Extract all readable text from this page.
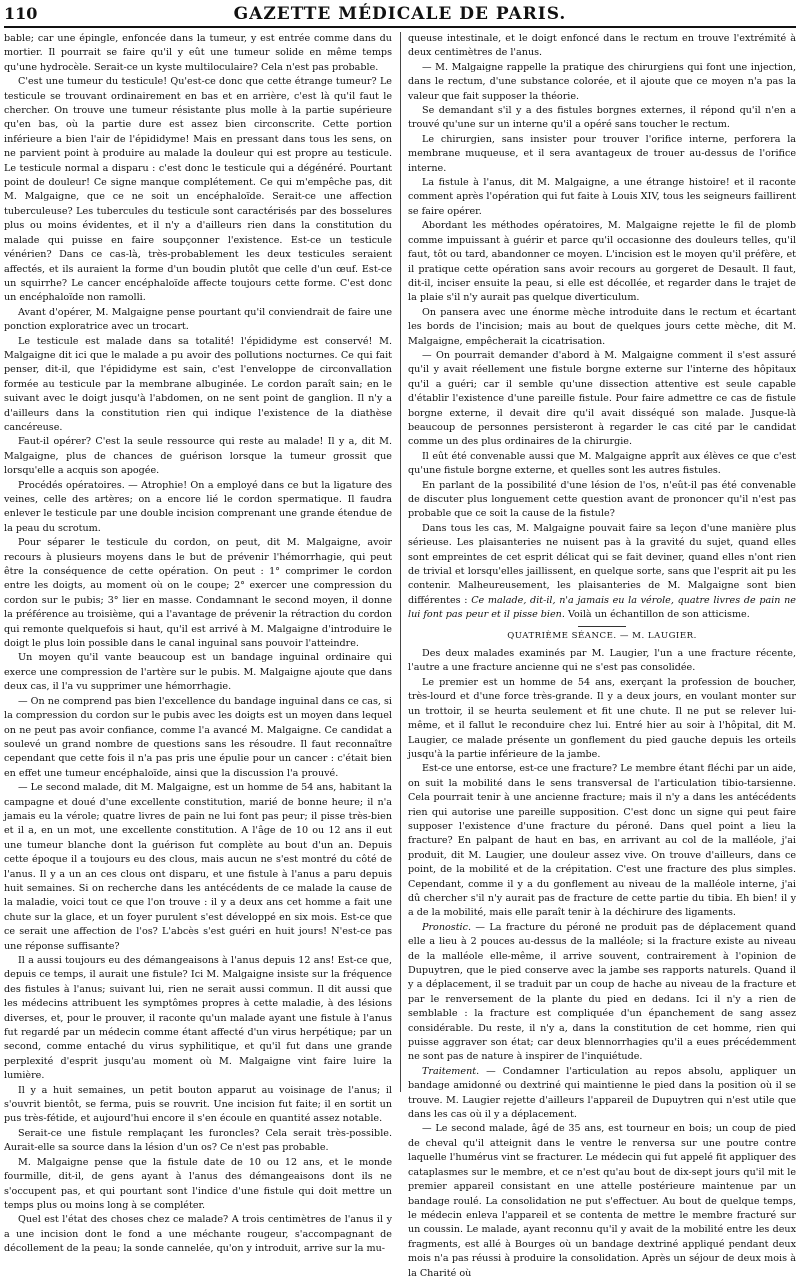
110	GAZETTE MÉDICALE DE PARIS.

bable; car une épingle, enfoncée dans la tumeur, y est entrée comme dans du mortier. Il pourrait se faire qu'il y eût une tumeur solide en même temps qu'une hydrocèle. Serait-ce un kyste multiloculaire? Cela n'est pas probable.

C'est une tumeur du testicule! Qu'est-ce donc que cette étrange tumeur? Le testicule se trouvant ordinairement en bas et en arrière, c'est là qu'il faut le chercher. On trouve une tumeur résistante plus molle à la partie supérieure qu'en bas, où la partie dure est assez bien circonscrite. Cette portion inférieure a bien l'air de l'épididyme! Mais en pressant dans tous les sens, on ne parvient point à produire au malade la douleur qui est propre au testicule. Le testicule normal a disparu : c'est donc le testicule qui a dégénéré. Pourtant point de douleur! Ce signe manque complétement. Ce qui m'empêche pas, dit M. Malgaigne, que ce ne soit un encéphaloïde. Serait-ce une affection tuberculeuse? Les tubercules du testicule sont caractérisés par des bosselures plus ou moins évidentes, et il n'y a d'ailleurs rien dans la constitution du malade qui puisse en faire soupçonner l'existence. Est-ce un testicule vénérien? Dans ce cas-là, très-probablement les deux testicules seraient affectés, et ils auraient la forme d'un boudin plutôt que celle d'un œuf. Est-ce un squirrhe? Le cancer encéphaloïde affecte toujours cette forme. C'est donc un encéphaloïde non ramolli.

Avant d'opérer, M. Malgaigne pense pourtant qu'il conviendrait de faire une ponction exploratrice avec un trocart.

Le testicule est malade dans sa totalité! l'épididyme est conservé! M. Malgaigne dit ici que le malade a pu avoir des pollutions nocturnes. Ce qui fait penser, dit-il, que l'épididyme est sain, c'est l'enveloppe de circonvallation formée au testicule par la membrane albuginée. Le cordon paraît sain; en le suivant avec le doigt jusqu'à l'abdomen, on ne sent point de ganglion. Il n'y a d'ailleurs dans la constitution rien qui indique l'existence de la diathèse cancéreuse.

Faut-il opérer? C'est la seule ressource qui reste au malade! Il y a, dit M. Malgaigne, plus de chances de guérison lorsque la tumeur grossit que lorsqu'elle a acquis son apogée.

Procédés opératoires. — Atrophie! On a employé dans ce but la ligature des veines, celle des artères; on a encore lié le cordon spermatique. Il faudra enlever le testicule par une double incision comprenant une grande étendue de la peau du scrotum.

Pour séparer le testicule du cordon, on peut, dit M. Malgaigne, avoir recours à plusieurs moyens dans le but de prévenir l'hémorrhagie, qui peut être la conséquence de cette opération. On peut : 1° comprimer le cordon entre les doigts, au moment où on le coupe; 2° exercer une compression du cordon sur le pubis; 3° lier en masse. Condamnant le second moyen, il donne la préférence au troisième, qui a l'avantage de prévenir la rétraction du cordon qui remonte quelquefois si haut, qu'il est arrivé à M. Malgaigne d'introduire le doigt le plus loin possible dans le canal inguinal sans pouvoir l'atteindre.

Un moyen qu'il vante beaucoup est un bandage inguinal ordinaire qui exerce une compression de l'artère sur le pubis. M. Malgaigne ajoute que dans deux cas, il l'a vu supprimer une hémorrhagie.

— On ne comprend pas bien l'excellence du bandage inguinal dans ce cas, si la compression du cordon sur le pubis avec les doigts est un moyen dans lequel on ne peut pas avoir confiance, comme l'a avancé M. Malgaigne. Ce candidat a soulevé un grand nombre de questions sans les résoudre. Il faut reconnaître cependant que cette fois il n'a pas pris une épulie pour un cancer : c'était bien en effet une tumeur encéphaloïde, ainsi que la discussion l'a prouvé.

— Le second malade, dit M. Malgaigne, est un homme de 54 ans, habitant la campagne et doué d'une excellente constitution, marié de bonne heure; il n'a jamais eu la vérole; quatre livres de pain ne lui font pas peur; il pisse très-bien et il a, en un mot, une excellente constitution. A l'âge de 10 ou 12 ans il eut une tumeur blanche dont la guérison fut complète au bout d'un an. Depuis cette époque il a toujours eu des clous, mais aucun ne s'est montré du côté de l'anus. Il y a un an ces clous ont disparu, et une fistule à l'anus a paru depuis huit semaines. Si on recherche dans les antécédents de ce malade la cause de la maladie, voici tout ce que l'on trouve : il y a deux ans cet homme a fait une chute sur la glace, et un foyer purulent s'est développé en six mois. Est-ce que ce serait une affection de l'os? L'abcès s'est guéri en huit jours! N'est-ce pas une réponse suffisante?

Il a aussi toujours eu des démangeaisons à l'anus depuis 12 ans! Est-ce que, depuis ce temps, il aurait une fistule? Ici M. Malgaigne insiste sur la fréquence des fistules à l'anus; suivant lui, rien ne serait aussi commun. Il dit aussi que les médecins attribuent les symptômes propres à cette maladie, à des lésions diverses, et, pour le prouver, il raconte qu'un malade ayant une fistule à l'anus fut regardé par un médecin comme étant affecté d'un virus herpétique; par un second, comme entaché du virus syphilitique, et qu'il fut dans une grande perplexité d'esprit jusqu'au moment où M. Malgaigne vint faire luire la lumière.

Il y a huit semaines, un petit bouton apparut au voisinage de l'anus; il s'ouvrit bientôt, se ferma, puis se rouvrit. Une incision fut faite; il en sortit un pus très-fétide, et aujourd'hui encore il s'en écoule en quantité assez notable.

Serait-ce une fistule remplaçant les furoncles? Cela serait très-possible. Aurait-elle sa source dans la lésion d'un os? Ce n'est pas probable.

M. Malgaigne pense que la fistule date de 10 ou 12 ans, et le monde fourmille, dit-il, de gens ayant à l'anus des démangeaisons dont ils ne s'occupent pas, et qui pourtant sont l'indice d'une fistule qui doit mettre un temps plus ou moins long à se compléter.

Quel est l'état des choses chez ce malade? A trois centimètres de l'anus il y a une incision dont le fond a une méchante rougeur, s'accompagnant de décollement de la peau; la sonde cannelée, qu'on y introduit, arrive sur la mu-

queuse intestinale, et le doigt enfoncé dans le rectum en trouve l'extrémité à deux centimètres de l'anus.

— M. Malgaigne rappelle la pratique des chirurgiens qui font une injection, dans le rectum, d'une substance colorée, et il ajoute que ce moyen n'a pas la valeur que fait supposer la théorie.

Se demandant s'il y a des fistules borgnes externes, il répond qu'il n'en a trouvé qu'une sur un interne qu'il a opéré sans toucher le rectum.

Le chirurgien, sans insister pour trouver l'orifice interne, perforera la membrane muqueuse, et il sera avantageux de trouer au-dessus de l'orifice interne.

La fistule à l'anus, dit M. Malgaigne, a une étrange histoire! et il raconte comment après l'opération qui fut faite à Louis XIV, tous les seigneurs faillirent se faire opérer.

Abordant les méthodes opératoires, M. Malgaigne rejette le fil de plomb comme impuissant à guérir et parce qu'il occasionne des douleurs telles, qu'il faut, tôt ou tard, abandonner ce moyen. L'incision est le moyen qu'il préfère, et il pratique cette opération sans avoir recours au gorgeret de Desault. Il faut, dit-il, inciser ensuite la peau, si elle est décollée, et regarder dans le trajet de la plaie s'il n'y aurait pas quelque diverticulum.

On pansera avec une énorme mèche introduite dans le rectum et écartant les bords de l'incision; mais au bout de quelques jours cette mèche, dit M. Malgaigne, empêcherait la cicatrisation.

— On pourrait demander d'abord à M. Malgaigne comment il s'est assuré qu'il y avait réellement une fistule borgne externe sur l'interne des hôpitaux qu'il a guéri; car il semble qu'une dissection attentive est seule capable d'établir l'existence d'une pareille fistule. Pour faire admettre ce cas de fistule borgne externe, il devait dire qu'il avait disséqué son malade. Jusque-là beaucoup de personnes persisteront à regarder le cas cité par le candidat comme un des plus ordinaires de la chirurgie.

Il eût été convenable aussi que M. Malgaigne apprît aux élèves ce que c'est qu'une fistule borgne externe, et quelles sont les autres fistules.

En parlant de la possibilité d'une lésion de l'os, n'eût-il pas été convenable de discuter plus longuement cette question avant de prononcer qu'il n'est pas probable que ce soit la cause de la fistule?

Dans tous les cas, M. Malgaigne pouvait faire sa leçon d'une manière plus sérieuse. Les plaisanteries ne nuisent pas à la gravité du sujet, quand elles sont empreintes de cet esprit délicat qui se fait deviner, quand elles n'ont rien de trivial et lorsqu'elles jaillissent, en quelque sorte, sans que l'esprit ait pu les contenir. Malheureusement, les plaisanteries de M. Malgaigne sont bien différentes : Ce malade, dit-il, n'a jamais eu la vérole, quatre livres de pain ne lui font pas peur et il pisse bien. Voilà un échantillon de son atticisme.

QUATRIÈME SÉANCE. — M. LAUGIER.

Des deux malades examinés par M. Laugier, l'un a une fracture récente, l'autre a une fracture ancienne qui ne s'est pas consolidée.

Le premier est un homme de 54 ans, exerçant la profession de boucher, très-lourd et d'une force très-grande. Il y a deux jours, en voulant monter sur un trottoir, il se heurta seulement et fit une chute. Il ne put se relever lui-même, et il fallut le reconduire chez lui. Entré hier au soir à l'hôpital, dit M. Laugier, ce malade présente un gonflement du pied gauche depuis les orteils jusqu'à la partie inférieure de la jambe.

Est-ce une entorse, est-ce une fracture? Le membre étant fléchi par un aide, on suit la mobilité dans le sens transversal de l'articulation tibio-tarsienne. Cela pourrait tenir à une ancienne fracture; mais il n'y a dans les antécédents rien qui autorise une pareille supposition. C'est donc un signe qui peut faire supposer l'existence d'une fracture du péroné. Dans quel point a lieu la fracture? En palpant de haut en bas, en arrivant au col de la malléole, j'ai produit, dit M. Laugier, une douleur assez vive. On trouve d'ailleurs, dans ce point, de la mobilité et de la crépitation. C'est une fracture des plus simples. Cependant, comme il y a du gonflement au niveau de la malléole interne, j'ai dû chercher s'il n'y aurait pas de fracture de cette partie du tibia. Eh bien! il y a de la mobilité, mais elle paraît tenir à la déchirure des ligaments.

Pronostic. — La fracture du péroné ne produit pas de déplacement quand elle a lieu à 2 pouces au-dessus de la malléole; si la fracture existe au niveau de la malléole elle-même, il arrive souvent, contrairement à l'opinion de Dupuytren, que le pied conserve avec la jambe ses rapports naturels. Quand il y a déplacement, il se traduit par un coup de hache au niveau de la fracture et par le renversement de la plante du pied en dedans. Ici il n'y a rien de semblable : la fracture est compliquée d'un épanchement de sang assez considérable. Du reste, il n'y a, dans la constitution de cet homme, rien qui puisse aggraver son état; car deux blennorrhagies qu'il a eues précédemment ne sont pas de nature à inspirer de l'inquiétude.

Traitement. — Condamner l'articulation au repos absolu, appliquer un bandage amidonné ou dextriné qui maintienne le pied dans la position où il se trouve. M. Laugier rejette d'ailleurs l'appareil de Dupuytren qui n'est utile que dans les cas où il y a déplacement.

— Le second malade, âgé de 35 ans, est tourneur en bois; un coup de pied de cheval qu'il atteignit dans le ventre le renversa sur une poutre contre laquelle l'humérus vint se fracturer. Le médecin qui fut appelé fit appliquer des cataplasmes sur le membre, et ce n'est qu'au bout de dix-sept jours qu'il mit le premier appareil consistant en une attelle postérieure maintenue par un bandage roulé. La consolidation ne put s'effectuer. Au bout de quelque temps, le médecin enleva l'appareil et se contenta de mettre le membre fracturé sur un coussin. Le malade, ayant reconnu qu'il y avait de la mobilité entre les deux fragments, est allé à Bourges où un bandage dextriné appliqué pendant deux mois n'a pas réussi à produire la consolidation. Après un séjour de deux mois à la Charité où
